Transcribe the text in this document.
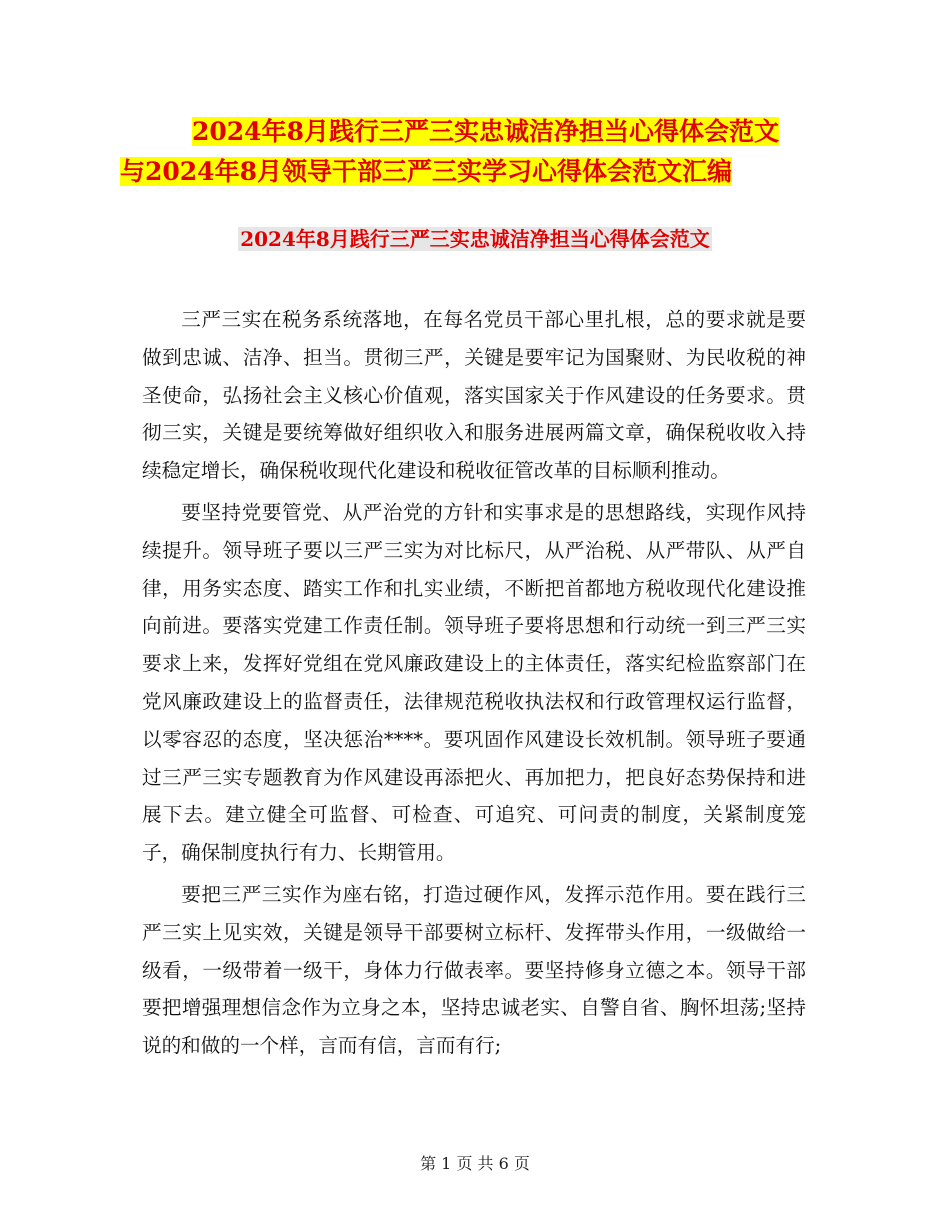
2024年8月践行三严三实忠诚洁净担当心得体会范文
与2024年8月领导干部三严三实学习心得体会范文汇编
2024年8月践行三严三实忠诚洁净担当心得体会范文

三严三实在税务系统落地，在每名党员干部心里扎根，总的要求就是要做到忠诚、洁净、担当。贯彻三严，关键是要牢记为国聚财、为民收税的神圣使命，弘扬社会主义核心价值观，落实国家关于作风建设的任务要求。贯彻三实，关键是要统筹做好组织收入和服务进展两篇文章，确保税收收入持续稳定增长，确保税收现代化建设和税收征管改革的目标顺利推动。

要坚持党要管党、从严治党的方针和实事求是的思想路线，实现作风持续提升。领导班子要以三严三实为对比标尺，从严治税、从严带队、从严自律，用务实态度、踏实工作和扎实业绩，不断把首都地方税收现代化建设推向前进。要落实党建工作责任制。领导班子要将思想和行动统一到三严三实要求上来，发挥好党组在党风廉政建设上的主体责任，落实纪检监察部门在党风廉政建设上的监督责任，法律规范税收执法权和行政管理权运行监督，以零容忍的态度，坚决惩治****。要巩固作风建设长效机制。领导班子要通过三严三实专题教育为作风建设再添把火、再加把力，把良好态势保持和进展下去。建立健全可监督、可检查、可追究、可问责的制度，关紧制度笼子，确保制度执行有力、长期管用。

要把三严三实作为座右铭，打造过硬作风，发挥示范作用。要在践行三严三实上见实效，关键是领导干部要树立标杆、发挥带头作用，一级做给一级看，一级带着一级干，身体力行做表率。要坚持修身立德之本。领导干部要把增强理想信念作为立身之本，坚持忠诚老实、自警自省、胸怀坦荡;坚持说的和做的一个样，言而有信，言而有行;

第 1 页 共 6 页
